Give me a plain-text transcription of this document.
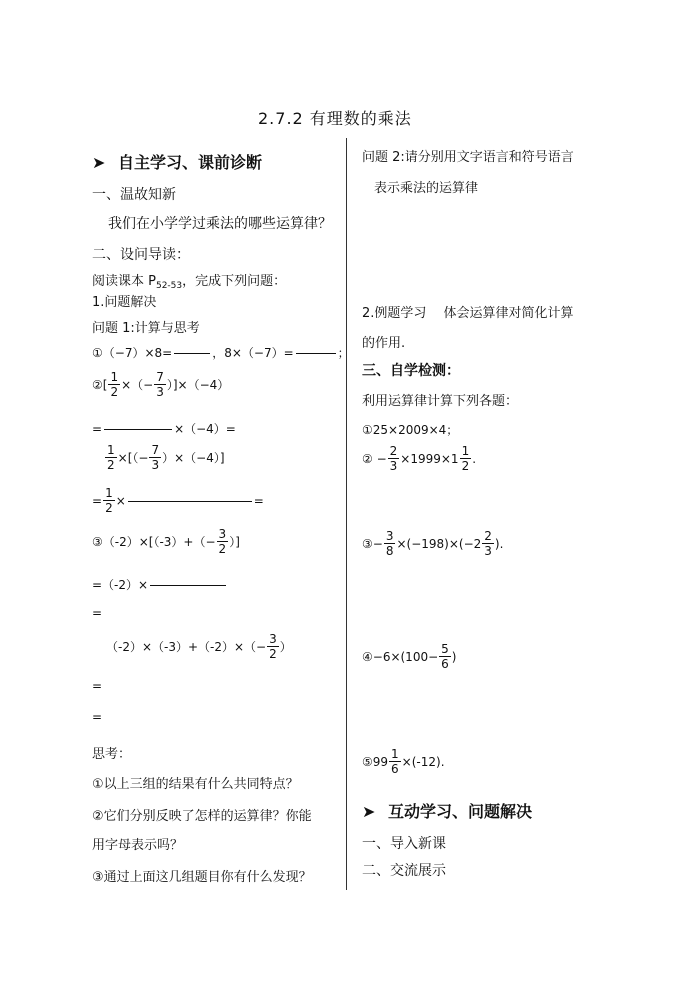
2.7.2 有理数的乘法
➤ 自主学习、课前诊断
一、温故知新
我们在小学学过乘法的哪些运算律？
二、设问导读：
阅读课本 $P_{52-53}$，完成下列问题：
1.问题解决
问题 1:计算与思考
①（−7）×8=	，8×（−7）=	；
②[ $\frac{1}{2}$ ×（− $\frac{7}{3} )]\times(-4)$
=	×（−4）=
$\frac{1}{2}$ ×[（− $\frac{7}{3} )\times(-4)$]
= $\frac{1}{2}$ ×	=
③（-2）×[（-3）+（− $\frac{3}{2}$ ）]
=（-2）×
=
$(-2)\times(-3)+(-2)\times(- \frac{3}{2}$ ）
=
=
思考：
①以上三组的结果有什么共同特点？
②它们分别反映了怎样的运算律？你能
用字母表示吗？
③通过上面这几组题目你有什么发现？
问题 2:请分别用文字语言和符号语言
表示乘法的运算律
2.例题学习　 体会运算律对简化计算
的作用.
三、自学检测：
利用运算律计算下列各题：
①25×2009×4；
② − $\frac{2}{3} \times 1999\times 1 \frac{1}{2}$ .
③− $\frac{3}{8} \times(-198)\times(-2 \frac{2}{3}$ ).
④−6×(100− $\frac{5}{6}$ )
⑤99 $\frac{1}{6} \times(-12)$.
➤ 互动学习、问题解决
一、导入新课
二、交流展示
